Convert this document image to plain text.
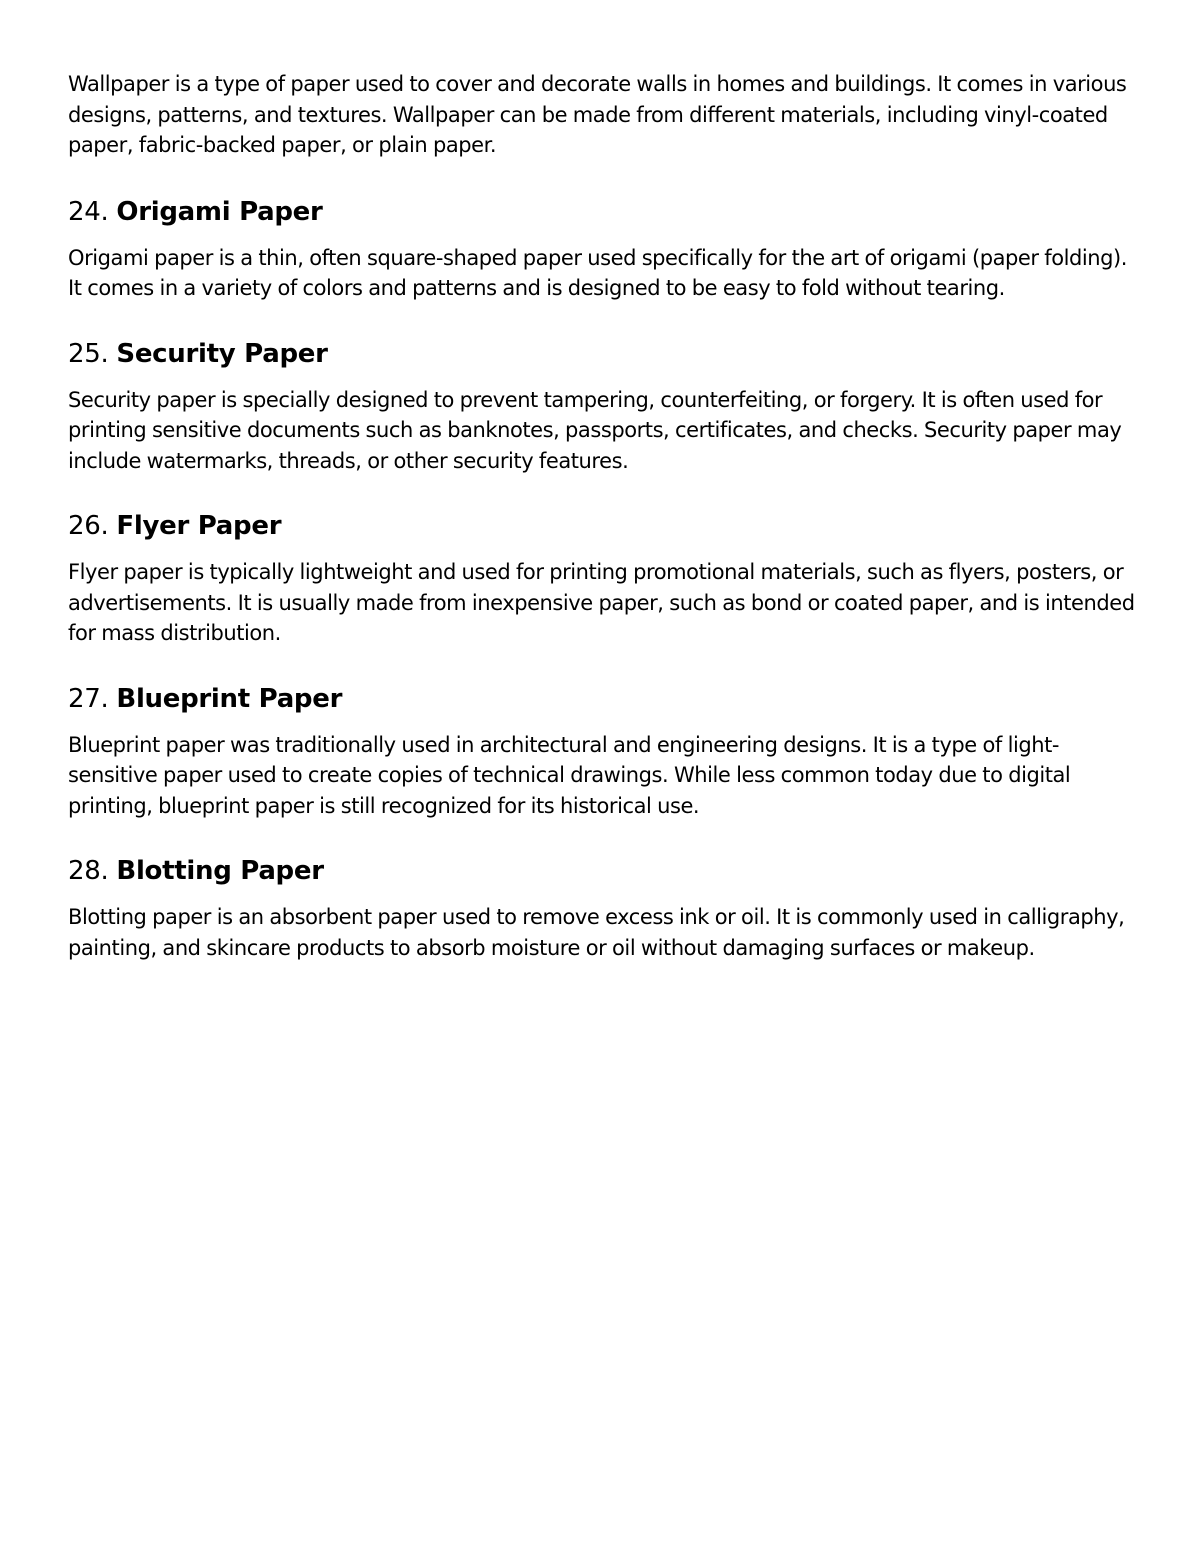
Wallpaper is a type of paper used to cover and decorate walls in homes and buildings. It comes in various designs, patterns, and textures. Wallpaper can be made from different materials, including vinyl-coated paper, fabric-backed paper, or plain paper.

24. Origami Paper

Origami paper is a thin, often square-shaped paper used specifically for the art of origami (paper folding). It comes in a variety of colors and patterns and is designed to be easy to fold without tearing.

25. Security Paper

Security paper is specially designed to prevent tampering, counterfeiting, or forgery. It is often used for printing sensitive documents such as banknotes, passports, certificates, and checks. Security paper may include watermarks, threads, or other security features.

26. Flyer Paper

Flyer paper is typically lightweight and used for printing promotional materials, such as flyers, posters, or advertisements. It is usually made from inexpensive paper, such as bond or coated paper, and is intended for mass distribution.

27. Blueprint Paper

Blueprint paper was traditionally used in architectural and engineering designs. It is a type of light-sensitive paper used to create copies of technical drawings. While less common today due to digital printing, blueprint paper is still recognized for its historical use.

28. Blotting Paper

Blotting paper is an absorbent paper used to remove excess ink or oil. It is commonly used in calligraphy, painting, and skincare products to absorb moisture or oil without damaging surfaces or makeup.
